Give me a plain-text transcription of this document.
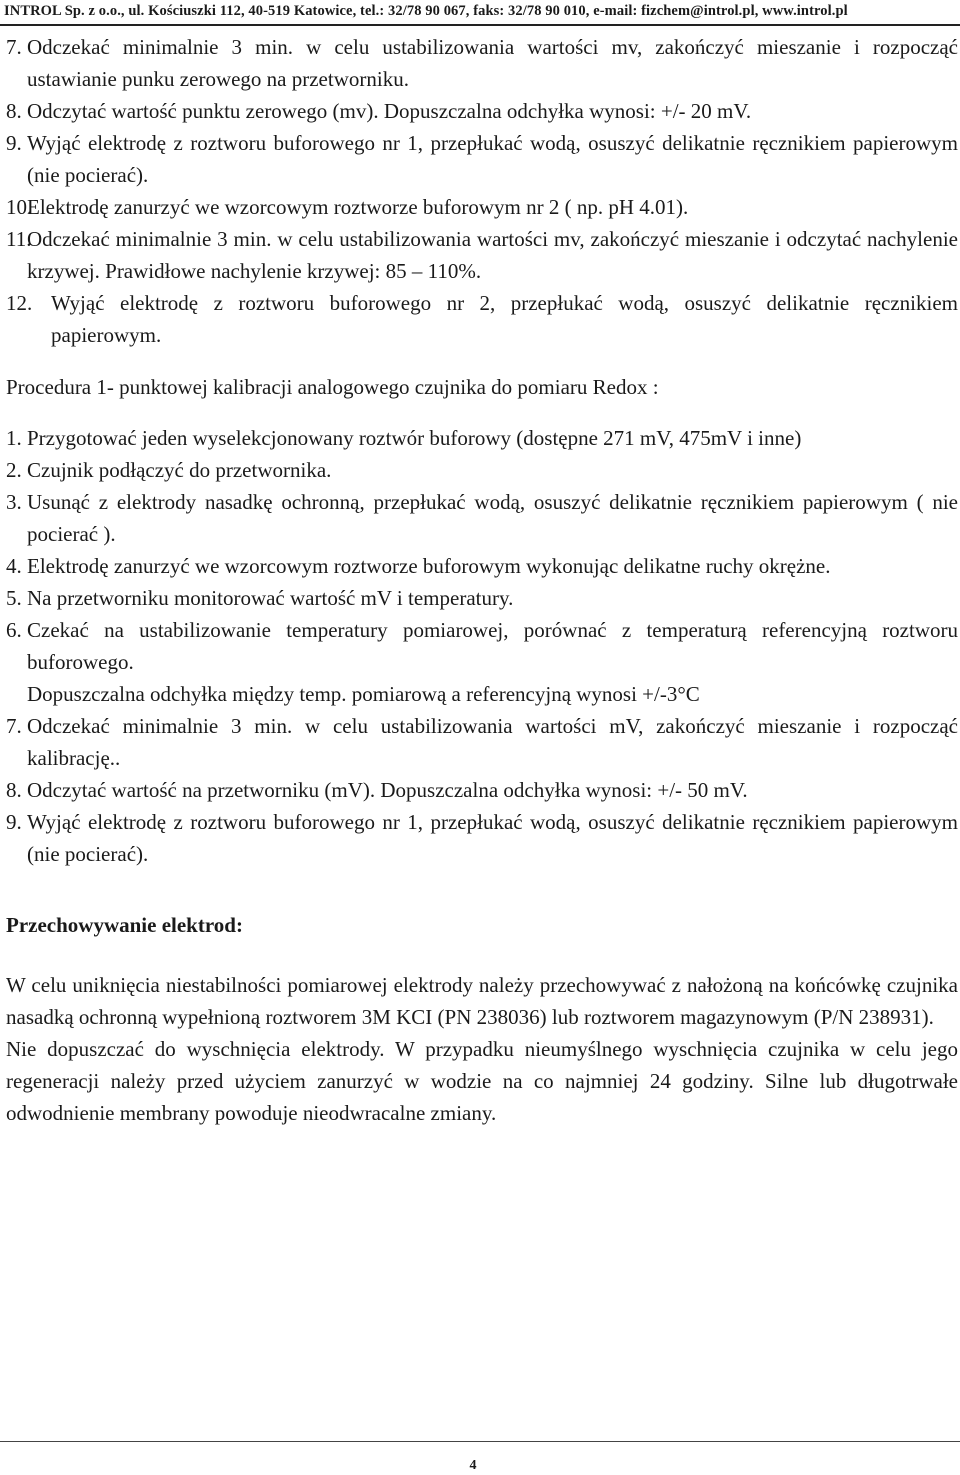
INTROL Sp. z o.o., ul. Kościuszki 112, 40-519 Katowice, tel.: 32/78 90 067, faks: 32/78 90 010, e-mail: fizchem@introl.pl, www.introl.pl
7. Odczekać minimalnie 3 min. w celu ustabilizowania wartości mv, zakończyć mieszanie i rozpocząć ustawianie punku zerowego na przetworniku.
8. Odczytać wartość punktu zerowego (mv). Dopuszczalna odchyłka wynosi: +/- 20 mV.
9. Wyjąć elektrodę z roztworu buforowego nr 1, przepłukać wodą, osuszyć delikatnie ręcznikiem papierowym (nie pocierać).
10.
Elektrodę zanurzyć we wzorcowym roztworze buforowym nr 2 ( np. pH 4.01).
11.
Odczekać minimalnie 3 min. w celu ustabilizowania wartości mv, zakończyć mieszanie i odczytać nachylenie krzywej. Prawidłowe nachylenie krzywej: 85 – 110%.
12. Wyjąć elektrodę z roztworu buforowego nr 2, przepłukać wodą, osuszyć delikatnie ręcznikiem papierowym.
Procedura 1- punktowej kalibracji analogowego czujnika do pomiaru Redox :
1. Przygotować jeden wyselekcjonowany roztwór buforowy (dostępne 271 mV, 475mV i inne)
2. Czujnik podłączyć do przetwornika.
3. Usunąć z elektrody nasadkę ochronną, przepłukać wodą, osuszyć delikatnie ręcznikiem papierowym ( nie pocierać ).
4. Elektrodę zanurzyć we wzorcowym roztworze buforowym wykonując delikatne ruchy okrężne.
5. Na przetworniku monitorować wartość mV i temperatury.
6. Czekać na ustabilizowanie temperatury pomiarowej, porównać z temperaturą referencyjną roztworu buforowego.
Dopuszczalna odchyłka między temp. pomiarową a referencyjną wynosi +/-3°C
7. Odczekać minimalnie 3 min. w celu ustabilizowania wartości mV, zakończyć mieszanie i rozpocząć kalibrację..
8. Odczytać wartość na przetworniku (mV). Dopuszczalna odchyłka wynosi: +/- 50 mV.
9. Wyjąć elektrodę z roztworu buforowego nr 1, przepłukać wodą, osuszyć delikatnie ręcznikiem papierowym (nie pocierać).
Przechowywanie elektrod:
W celu uniknięcia niestabilności pomiarowej elektrody należy przechowywać z nałożoną na końcówkę czujnika nasadką ochronną wypełnioną roztworem 3M KCI (PN 238036) lub roztworem magazynowym (P/N 238931).
Nie dopuszczać do wyschnięcia elektrody. W przypadku nieumyślnego wyschnięcia czujnika w celu jego regeneracji należy przed użyciem zanurzyć w wodzie na co najmniej 24 godziny. Silne lub długotrwałe odwodnienie membrany powoduje nieodwracalne zmiany.
4
